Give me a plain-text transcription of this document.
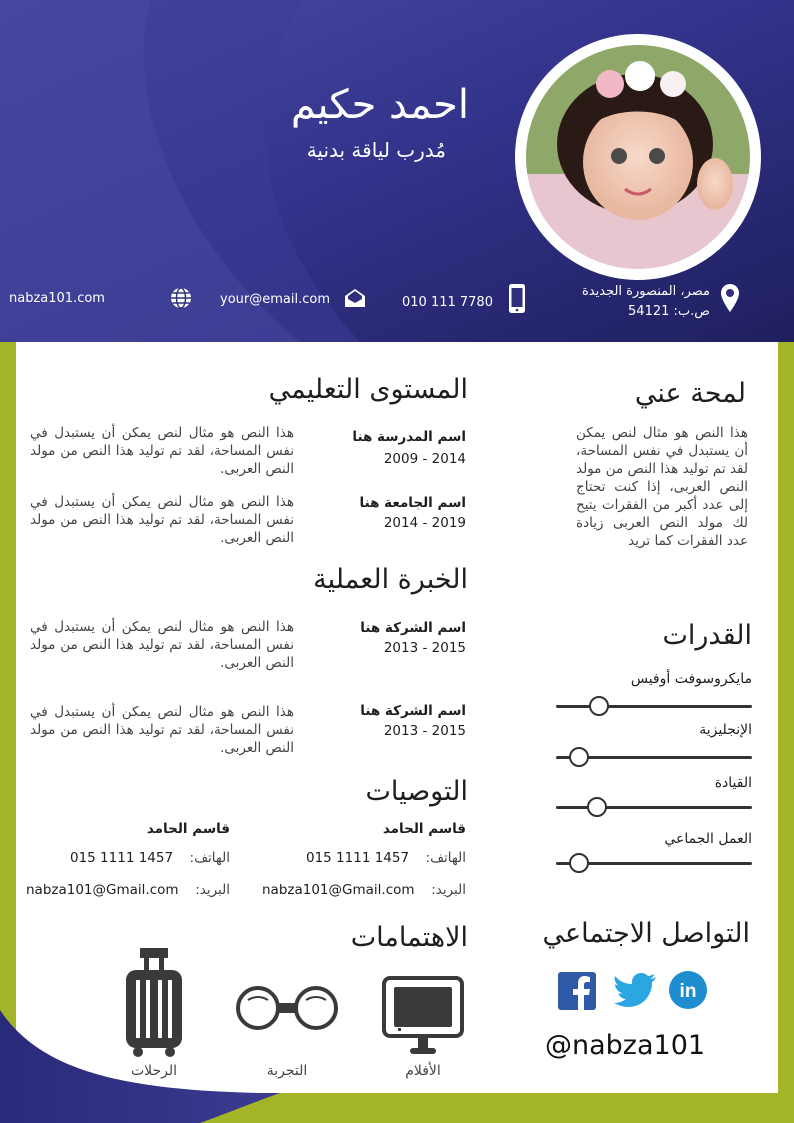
احمد حكيم
مُدرب لياقة بدنية
مصر، المنصورة الجديدة
ص.ب: 54121
010 111 7780
your@email.com
nabza101.com
لمحة عني
هذا النص هو مثال لنص يمكن أن يستبدل في نفس المساحة، لقد تم توليد هذا النص من مولد النص العربى، إذا كنت تحتاج إلى عدد أكبر من الفقرات يتيح لك مولد النص العربى زيادة عدد الفقرات كما تريد
القدرات
مايكروسوفت أوفيس
الإنجليزية
القيادة
العمل الجماعي
التواصل الاجتماعي
in
@nabza101
المستوى التعليمي
اسم المدرسة هنا
2009 - 2014
هذا النص هو مثال لنص يمكن أن يستبدل في نفس المساحة، لقد تم توليد هذا النص من مولد النص العربى.
اسم الجامعة هنا
2014 - 2019
هذا النص هو مثال لنص يمكن أن يستبدل في نفس المساحة، لقد تم توليد هذا النص من مولد النص العربى.
الخبرة العملية
اسم الشركة هنا
2013 - 2015
هذا النص هو مثال لنص يمكن أن يستبدل في نفس المساحة، لقد تم توليد هذا النص من مولد النص العربى.
اسم الشركة هنا
2013 - 2015
هذا النص هو مثال لنص يمكن أن يستبدل في نفس المساحة، لقد تم توليد هذا النص من مولد النص العربى.
التوصيات
قاسم الحامد
الهاتف:
015 1111 1457
البريد:
nabza101@Gmail.com
قاسم الحامد
الهاتف:
015 1111 1457
البريد:
nabza101@Gmail.com
الاهتمامات
الأفلام
التجربة
الرحلات
